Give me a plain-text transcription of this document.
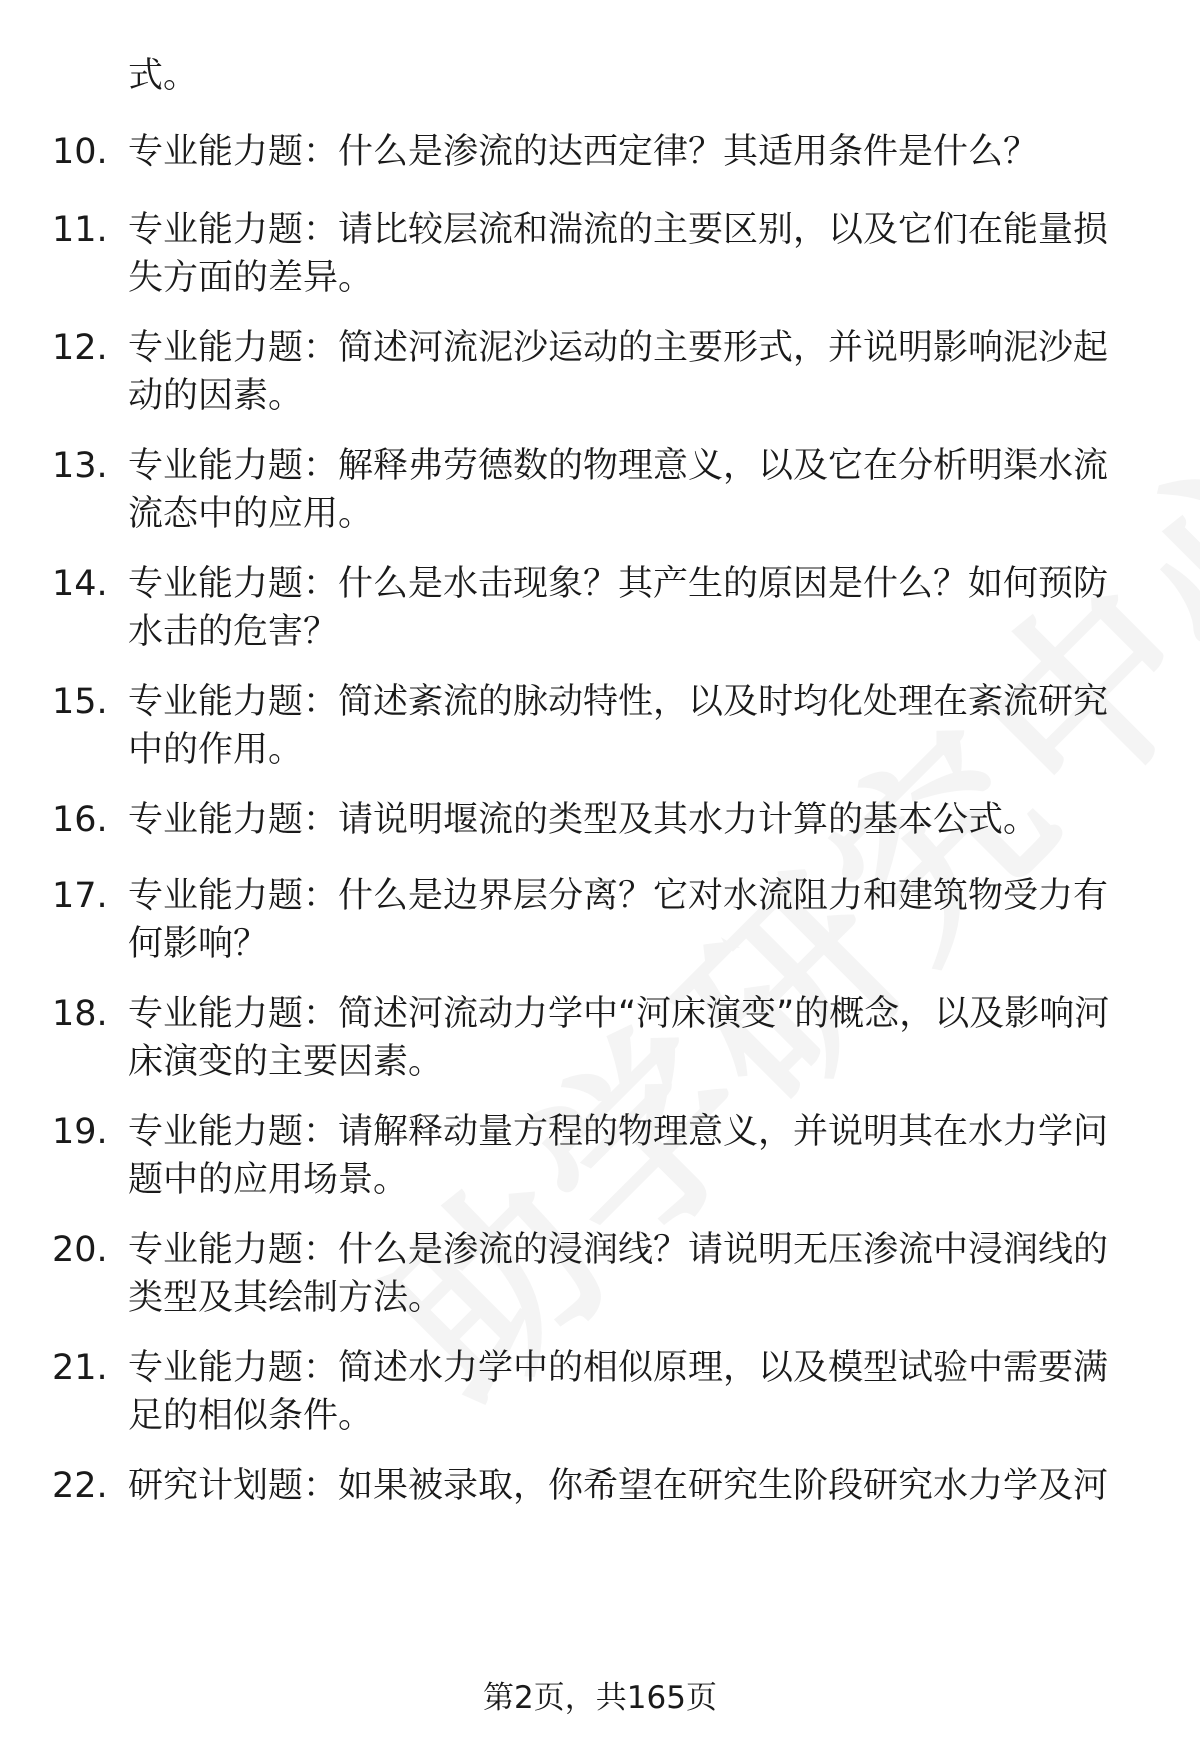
式。
10. 专业能力题：什么是渗流的达西定律？其适用条件是什么？
11. 专业能力题：请比较层流和湍流的主要区别，以及它们在能量损失方面的差异。
12. 专业能力题：简述河流泥沙运动的主要形式，并说明影响泥沙起动的因素。
13. 专业能力题：解释弗劳德数的物理意义，以及它在分析明渠水流流态中的应用。
14. 专业能力题：什么是水击现象？其产生的原因是什么？如何预防水击的危害？
15. 专业能力题：简述紊流的脉动特性，以及时均化处理在紊流研究中的作用。
16. 专业能力题：请说明堰流的类型及其水力计算的基本公式。
17. 专业能力题：什么是边界层分离？它对水流阻力和建筑物受力有何影响？
18. 专业能力题：简述河流动力学中“河床演变”的概念，以及影响河床演变的主要因素。
19. 专业能力题：请解释动量方程的物理意义，并说明其在水力学问题中的应用场景。
20. 专业能力题：什么是渗流的浸润线？请说明无压渗流中浸润线的类型及其绘制方法。
21. 专业能力题：简述水力学中的相似原理，以及模型试验中需要满足的相似条件。
22. 研究计划题：如果被录取，你希望在研究生阶段研究水力学及河
第2页，共165页
